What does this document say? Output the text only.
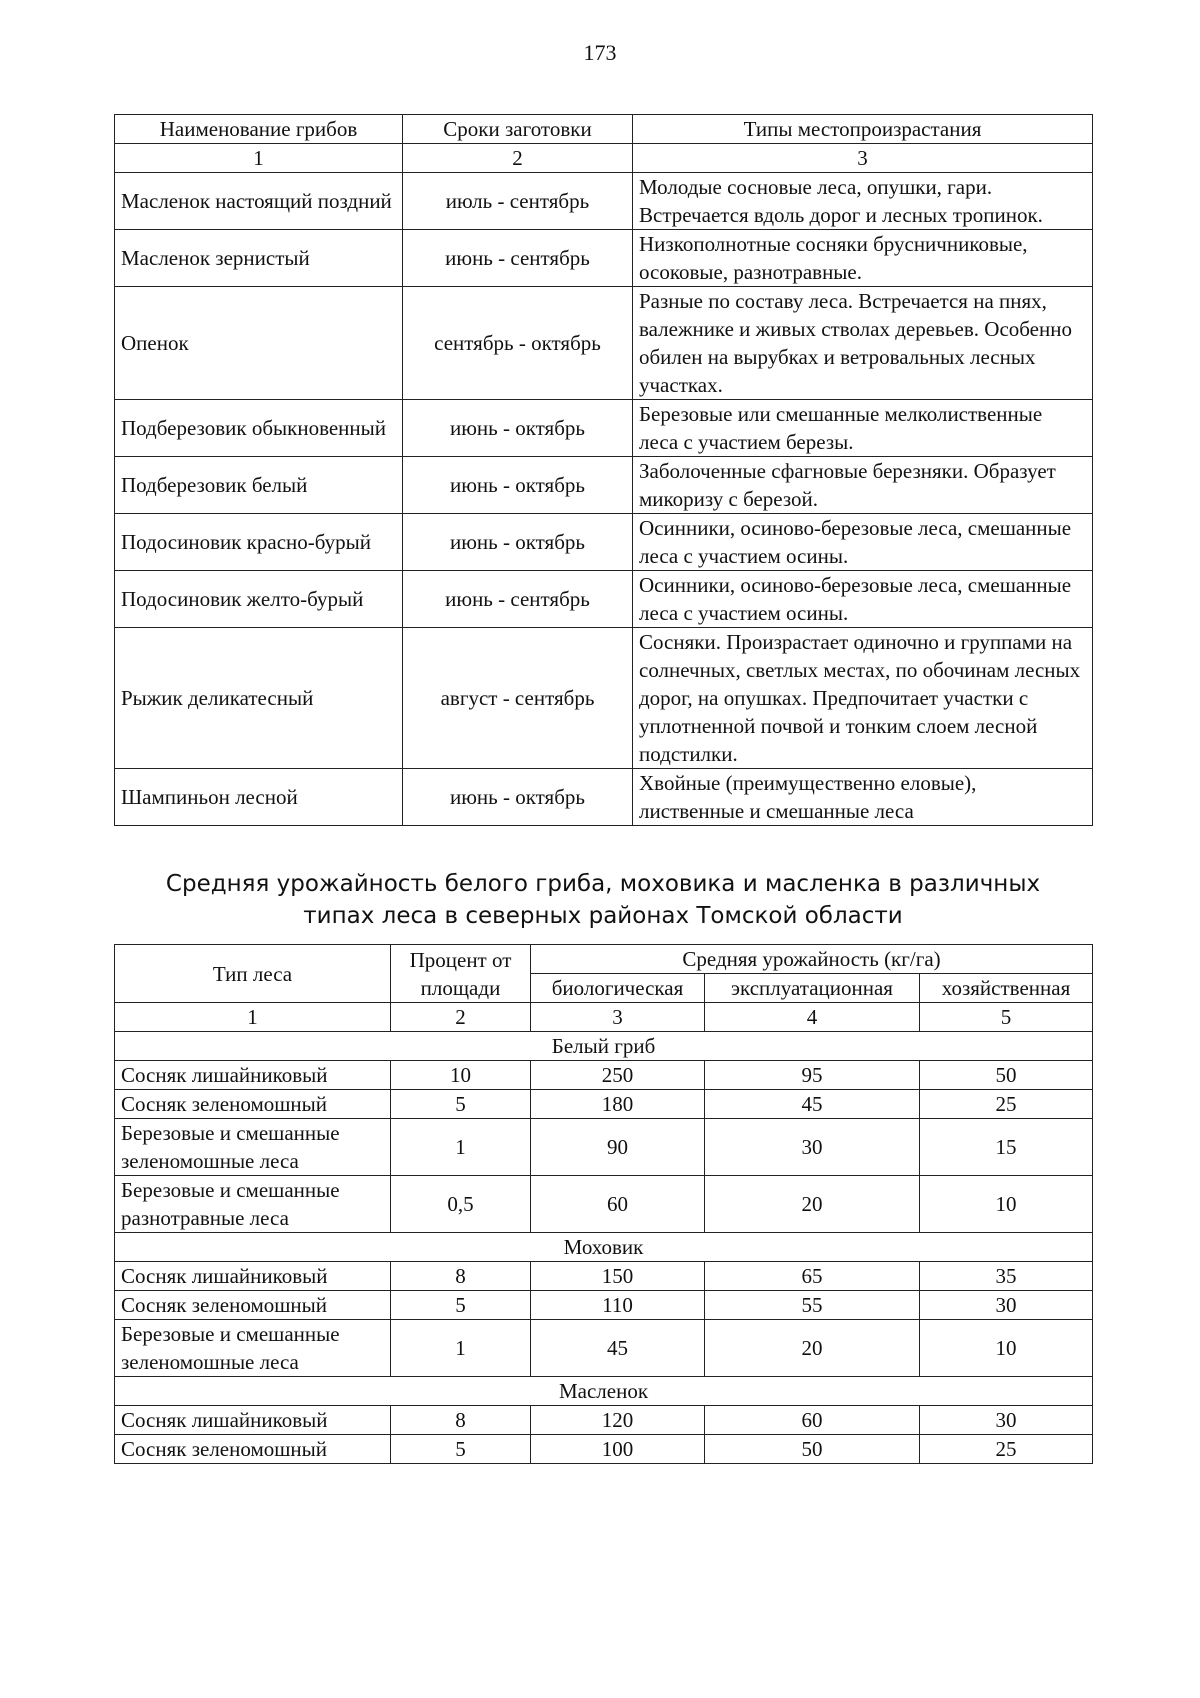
173
Наименование грибов	Сроки заготовки	Типы местопроизрастания
1	2	3
Масленок настоящий поздний	июль - сентябрь	Молодые сосновые леса, опушки, гари. Встречается вдоль дорог и лесных тропинок.
Масленок зернистый	июнь - сентябрь	Низкополнотные сосняки брусничниковые, осоковые, разнотравные.
Опенок	сентябрь - октябрь	Разные по составу леса. Встречается на пнях, валежнике и живых стволах деревьев. Особенно обилен на вырубках и ветровальных лесных участках.
Подберезовик обыкновенный	июнь - октябрь	Березовые или смешанные мелколиственные леса с участием березы.
Подберезовик белый	июнь - октябрь	Заболоченные сфагновые березняки. Образует микоризу с березой.
Подосиновик красно-бурый	июнь - октябрь	Осинники, осиново-березовые леса, смешанные леса с участием осины.
Подосиновик желто-бурый	июнь - сентябрь	Осинники, осиново-березовые леса, смешанные леса с участием осины.
Рыжик деликатесный	август - сентябрь	Сосняки. Произрастает одиночно и группами на солнечных, светлых местах, по обочинам лесных дорог, на опушках. Предпочитает участки с уплотненной почвой и тонким слоем лесной подстилки.
Шампиньон лесной	июнь - октябрь	Хвойные (преимущественно еловые), лиственные и смешанные леса
Средняя урожайность белого гриба, моховика и масленка в различных
типах леса в северных районах Томской области
Тип леса	Процент от площади	Средняя урожайность (кг/га)		
		биологическая	эксплуатационная	хозяйственная
1	2	3	4	5
Белый гриб				
Сосняк лишайниковый	10	250	95	50
Сосняк зеленомошный	5	180	45	25
Березовые и смешанные зеленомошные леса	1	90	30	15
Березовые и смешанные разнотравные леса	0,5	60	20	10
Моховик				
Сосняк лишайниковый	8	150	65	35
Сосняк зеленомошный	5	110	55	30
Березовые и смешанные зеленомошные леса	1	45	20	10
Масленок				
Сосняк лишайниковый	8	120	60	30
Сосняк зеленомошный	5	100	50	25
